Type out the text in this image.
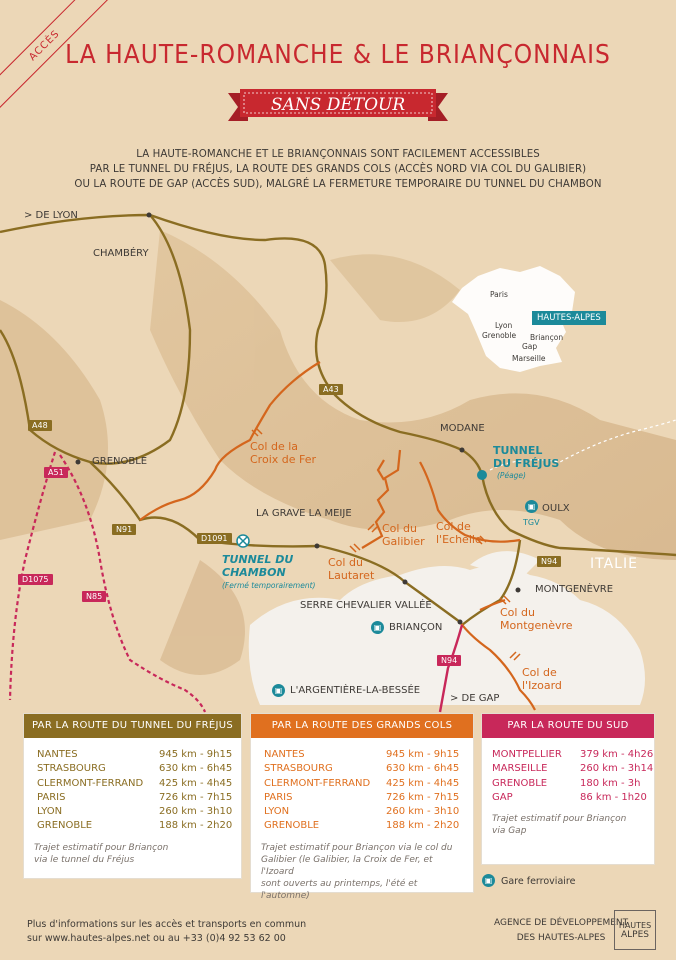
ACCÈS LA HAUTE-ROMANCHE & LE BRIANÇONNAIS
SANS DÉTOUR
LA HAUTE-ROMANCHE ET LE BRIANÇONNAIS SONT FACILEMENT ACCESSIBLES
PAR LE TUNNEL DU FRÉJUS, LA ROUTE DES GRANDS COLS (ACCÈS NORD VIA COL DU GALIBIER)
OU LA ROUTE DE GAP (ACCÈS SUD), MALGRÉ LA FERMETURE TEMPORAIRE DU TUNNEL DU CHAMBON
> DE LYON
CHAMBÉRY
GRENOBLE
MODANE
LA GRAVE LA MEIJE	OULX
TGV
ITALIE
MONTGENÈVRE
SERRE CHEVALIER VALLÉE
BRIANÇON
L'ARGENTIÈRE-LA-BESSÉE
> DE GAP
▣
▣
▣
Col de la
Croix de Fer
Col du
Galibier
Col de
l'Echelle
Col du
Lautaret
Col du
Montgenèvre
Col de
l'Izoard
TUNNEL
DU FRÉJUS
(Péage)
TUNNEL DU
CHAMBON
(Fermé temporairement)
A43
A48
A51
N91
D1091
D1075
N85
N94
N94
Paris
Lyon
Grenoble Briançon
Gap
Marseille
HAUTES-ALPES
PAR LA ROUTE DU TUNNEL DU FRÉJUS
NANTES	945 km - 9h15
STRASBOURG	630 km - 6h45
CLERMONT-FERRAND	425 km - 4h45
PARIS	726 km - 7h15
LYON	260 km - 3h10
GRENOBLE	188 km - 2h20
Trajet estimatif pour Briançon
via le tunnel du Fréjus
PAR LA ROUTE DES GRANDS COLS
NANTES	945 km - 9h15
STRASBOURG	630 km - 6h45
CLERMONT-FERRAND	425 km - 4h45
PARIS	726 km - 7h15
LYON	260 km - 3h10
GRENOBLE	188 km - 2h20
Trajet estimatif pour Briançon via le col du
Galibier (le Galibier, la Croix de Fer, et l'Izoard
sont ouverts au printemps, l'été et l'automne)
PAR LA ROUTE DU SUD
MONTPELLIER	379 km - 4h26
MARSEILLE	260 km - 3h14
GRENOBLE	180 km - 3h
GAP	86 km - 1h20
Trajet estimatif pour Briançon
via Gap
▣ Gare ferroviaire
Plus d'informations sur les accès et transports en commun
sur www.hautes-alpes.net ou au +33 (0)4 92 53 62 00
AGENCE DE DÉVELOPPEMENT
DES HAUTES-ALPES
HAUTES
ALPES
